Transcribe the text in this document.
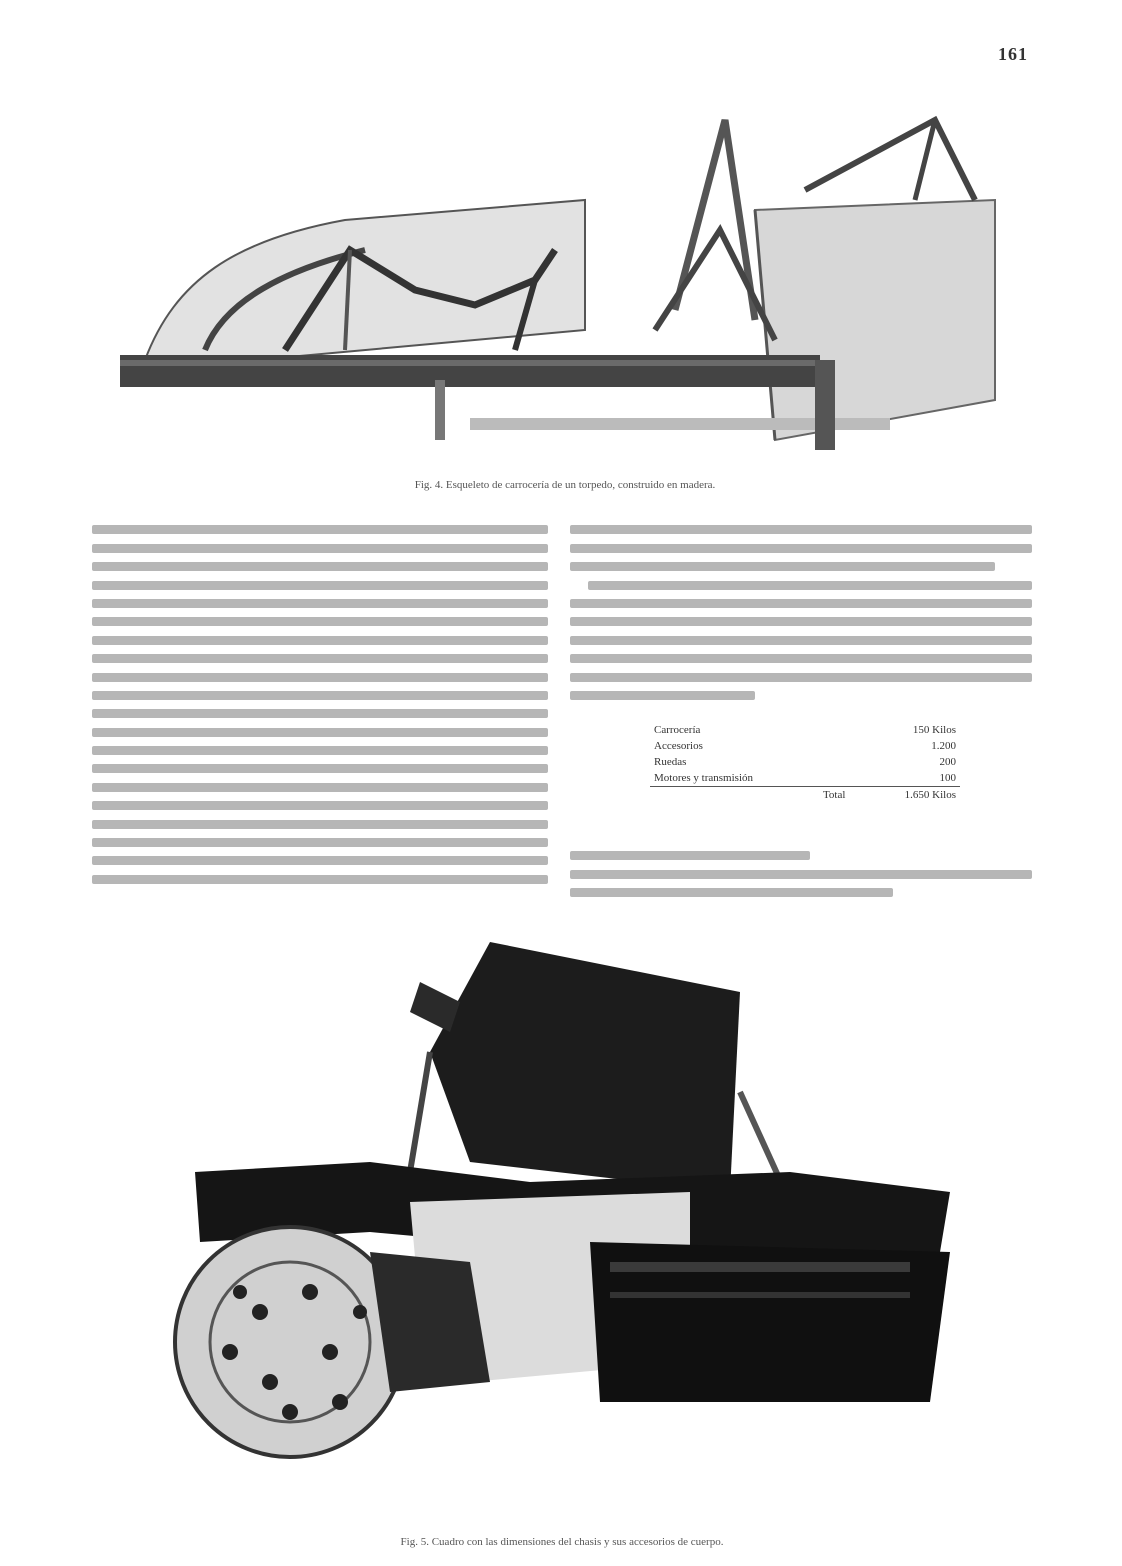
161
Fig. 4. Esqueleto de carrocería de un torpedo, construido en madera.
Carrocería	150 Kilos
Accesorios	1.200
Ruedas	200
Motores y transmisión	100
Total	1.650 Kilos
Fig. 5. Cuadro con las dimensiones del chasis y sus accesorios de cuerpo.
